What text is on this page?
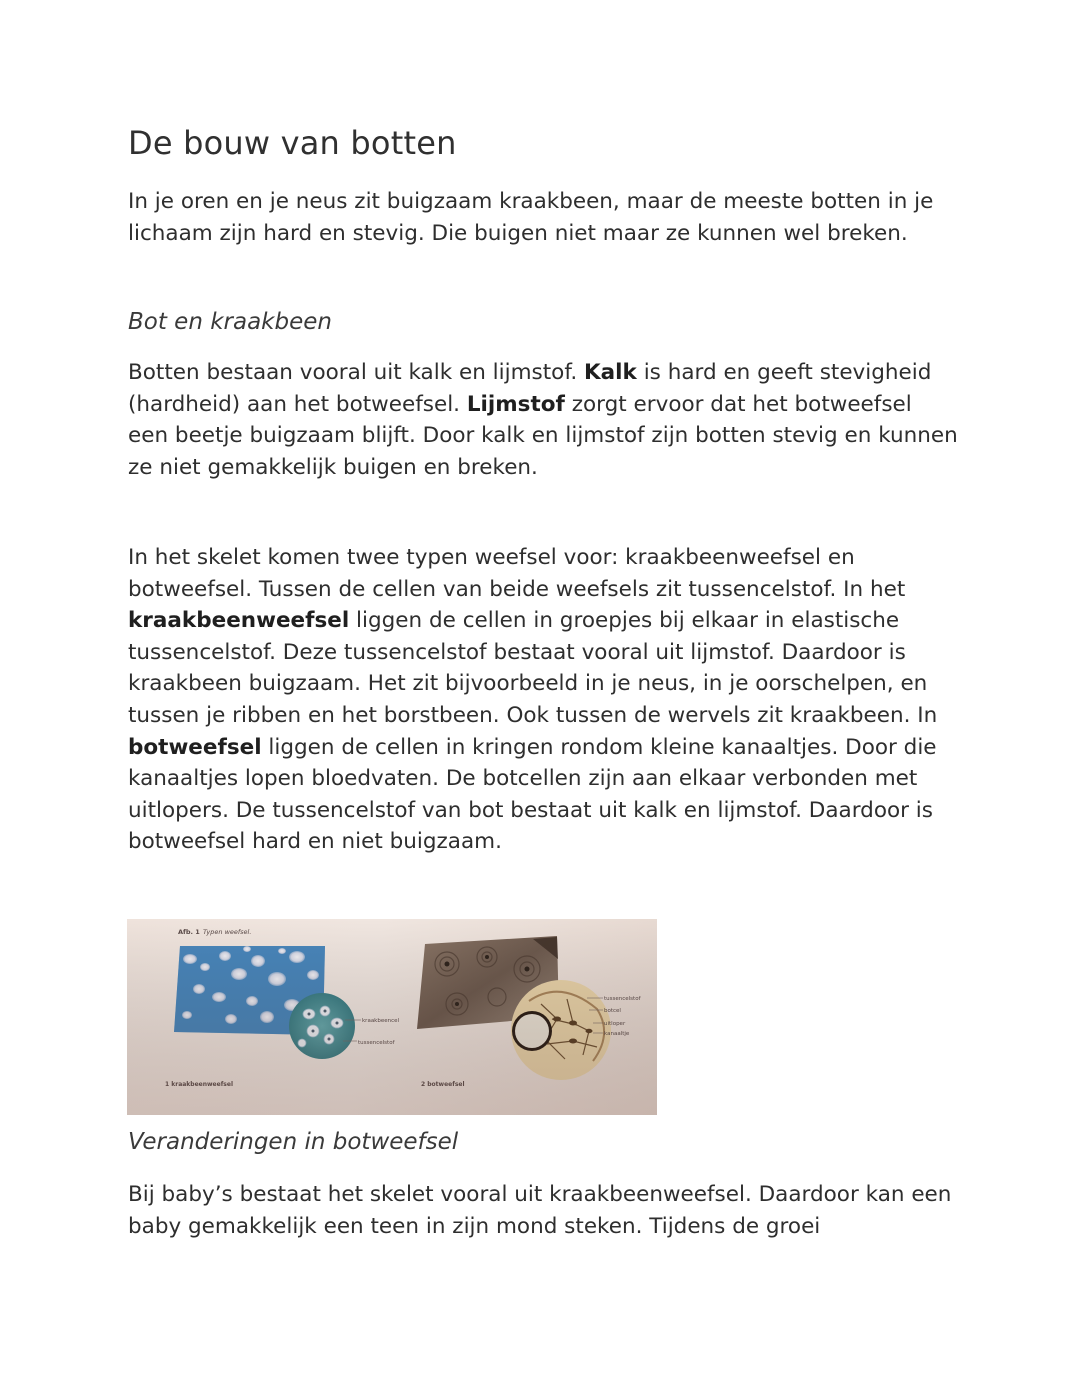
De bouw van botten

In je oren en je neus zit buigzaam kraakbeen, maar de meeste botten in je lichaam zijn hard en stevig. Die buigen niet maar ze kunnen wel breken.

Bot en kraakbeen

Botten bestaan vooral uit kalk en lijmstof. Kalk is hard en geeft stevigheid (hardheid) aan het botweefsel. Lijmstof zorgt ervoor dat het botweefsel een beetje buigzaam blijft. Door kalk en lijmstof zijn botten stevig en kunnen ze niet gemakkelijk buigen en breken.

In het skelet komen twee typen weefsel voor: kraakbeenweefsel en botweefsel. Tussen de cellen van beide weefsels zit tussencelstof. In het kraakbeenweefsel liggen de cellen in groepjes bij elkaar in elastische tussencelstof. Deze tussencelstof bestaat vooral uit lijmstof. Daardoor is kraakbeen buigzaam. Het zit bijvoorbeeld in je neus, in je oorschelpen, en tussen je ribben en het borstbeen. Ook tussen de wervels zit kraakbeen. In botweefsel liggen de cellen in kringen rondom kleine kanaaltjes. Door die kanaaltjes lopen bloedvaten. De botcellen zijn aan elkaar verbonden met uitlopers. De tussencelstof van bot bestaat uit kalk en lijmstof. Daardoor is botweefsel hard en niet buigzaam.

Veranderingen in botweefsel

Bij baby’s bestaat het skelet vooral uit kraakbeenweefsel. Daardoor kan een baby gemakkelijk een teen in zijn mond steken. Tijdens de groei
